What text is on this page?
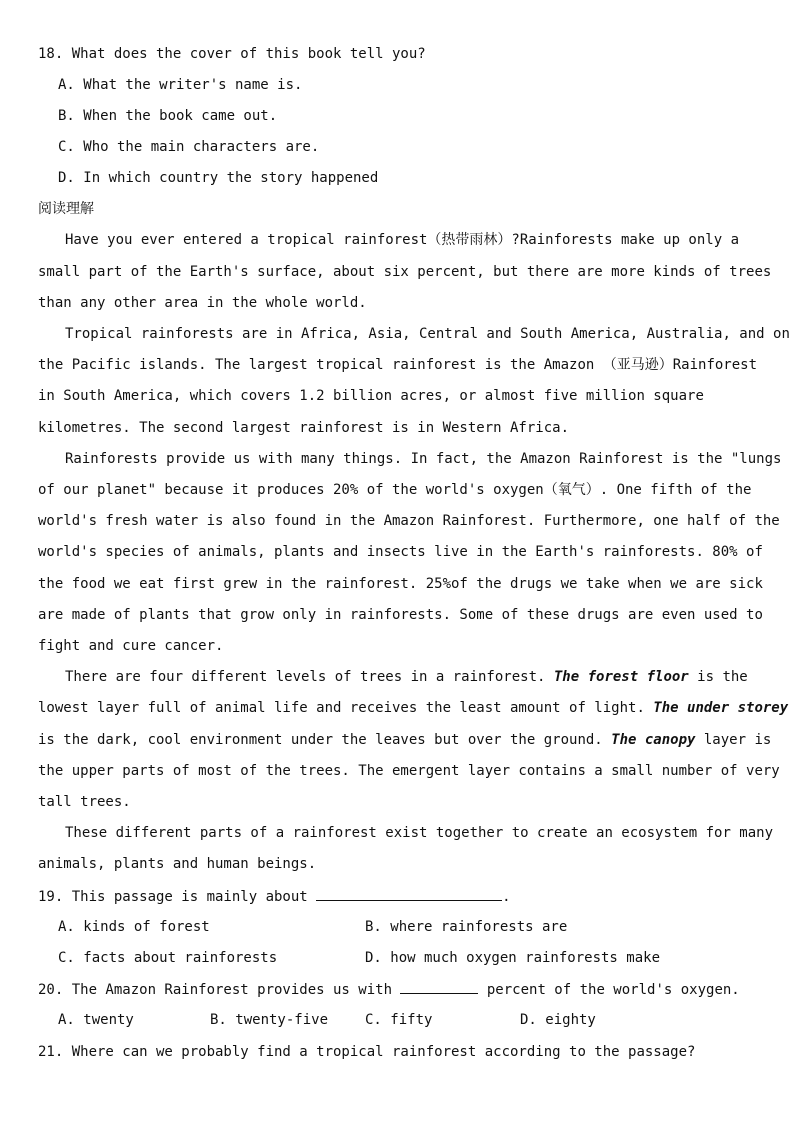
18. What does the cover of this book tell you?
A. What the writer's name is.
B. When the book came out.
C. Who the main characters are.
D. In which country the story happened
阅读理解
Have you ever entered a tropical rainforest（热带雨林）?Rainforests make up only a
small part of the Earth's surface, about six percent, but there are more kinds of trees
than any other area in the whole world.
Tropical rainforests are in Africa, Asia, Central and South America, Australia, and on
the Pacific islands. The largest tropical rainforest is the Amazon （亚马逊）Rainforest
in South America, which covers 1.2 billion acres, or almost five million square
kilometres. The second largest rainforest is in Western Africa.
Rainforests provide us with many things. In fact, the Amazon Rainforest is the "lungs
of our planet" because it produces 20% of the world's oxygen（氧气）. One fifth of the
world's fresh water is also found in the Amazon Rainforest. Furthermore, one half of the
world's species of animals, plants and insects live in the Earth's rainforests. 80% of
the food we eat first grew in the rainforest. 25%of the drugs we take when we are sick
are made of plants that grow only in rainforests. Some of these drugs are even used to
fight and cure cancer.
There are four different levels of trees in a rainforest. The forest floor is the
lowest layer full of animal life and receives the least amount of light. The under storey
is the dark, cool environment under the leaves but over the ground. The canopy layer is
the upper parts of most of the trees. The emergent layer contains a small number of very
tall trees.
These different parts of a rainforest exist together to create an ecosystem for many
animals, plants and human beings.
19. This passage is mainly about	.
A. kinds of forest	B. where rainforests are
C. facts about rainforests	D. how much oxygen rainforests make
20. The Amazon Rainforest provides us with	percent of the world's oxygen.
A. twenty	B. twenty-five	C. fifty	D. eighty
21. Where can we probably find a tropical rainforest according to the passage?
